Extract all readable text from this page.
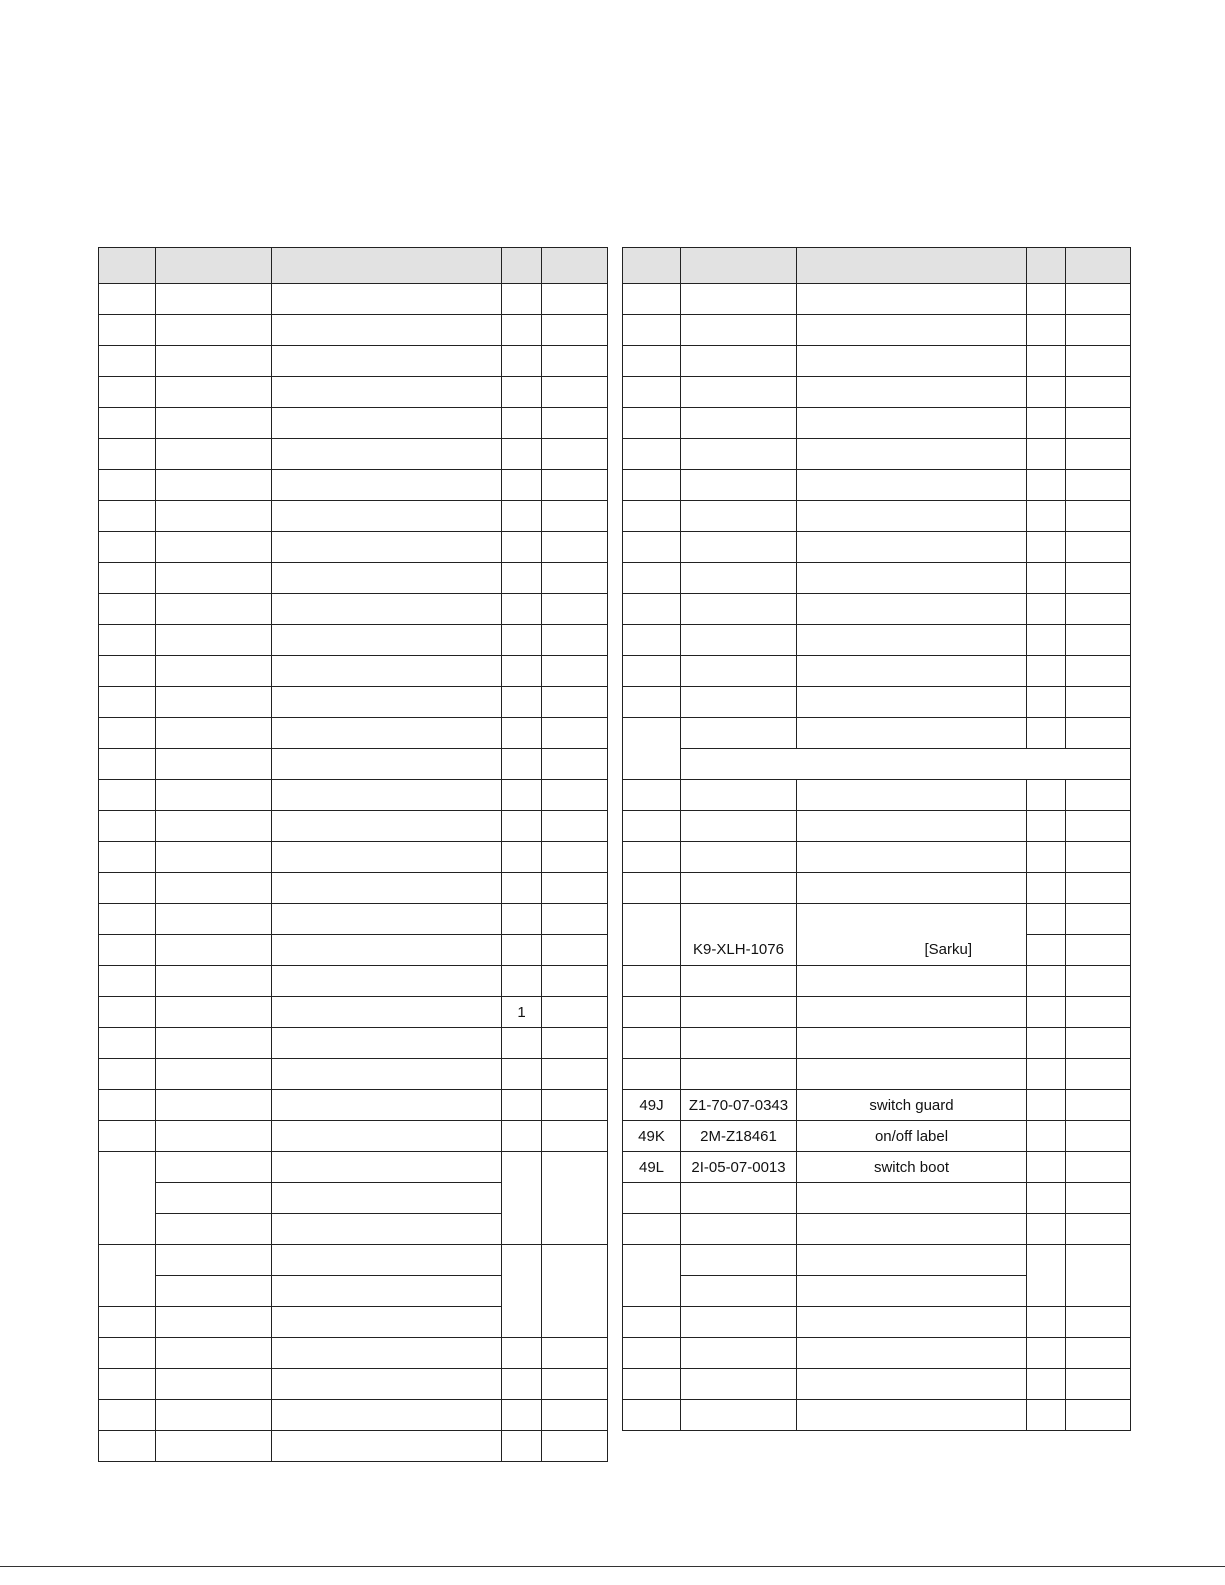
			1	

	K9-XLH-1076	[Sarku]		

49J	Z1-70-07-0343	switch guard		
49K	2M-Z18461	on/off label		
49L	2I-05-07-0013	switch boot		
